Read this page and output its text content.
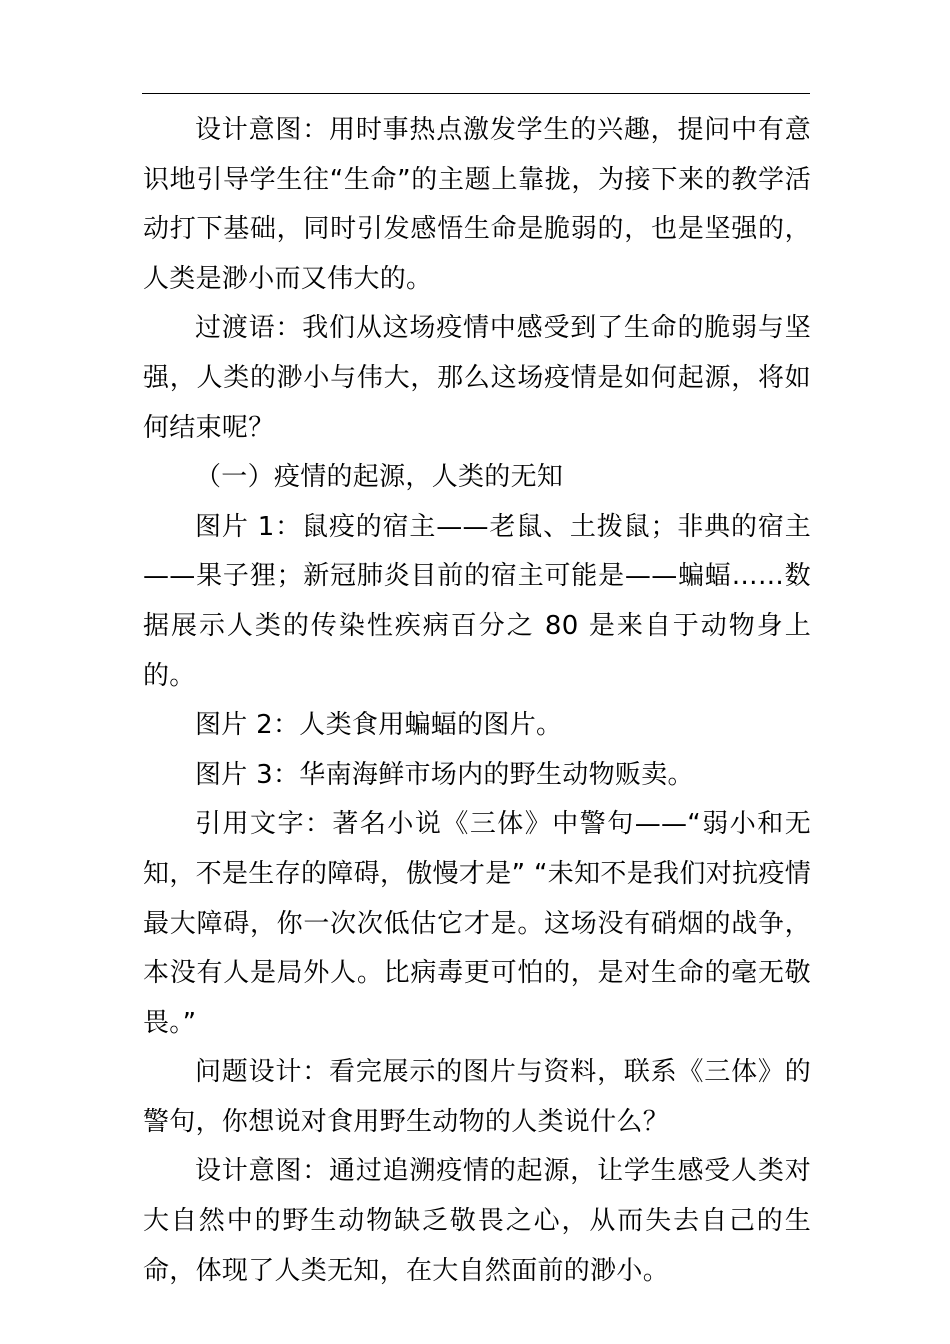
设计意图：用时事热点激发学生的兴趣，提问中有意识地引导学生往“生命”的主题上靠拢，为接下来的教学活动打下基础，同时引发感悟生命是脆弱的，也是坚强的，人类是渺小而又伟大的。

过渡语：我们从这场疫情中感受到了生命的脆弱与坚强，人类的渺小与伟大，那么这场疫情是如何起源，将如何结束呢？

（一）疫情的起源，人类的无知

图片 1：鼠疫的宿主——老鼠、土拨鼠；非典的宿主——果子狸；新冠肺炎目前的宿主可能是——蝙蝠……数据展示人类的传染性疾病百分之 80 是来自于动物身上的。

图片 2：人类食用蝙蝠的图片。

图片 3：华南海鲜市场内的野生动物贩卖。

引用文字：著名小说《三体》中警句——“弱小和无知，不是生存的障碍，傲慢才是” “未知不是我们对抗疫情最大障碍，你一次次低估它才是。这场没有硝烟的战争，本没有人是局外人。比病毒更可怕的，是对生命的毫无敬畏。”

问题设计：看完展示的图片与资料，联系《三体》的警句，你想说对食用野生动物的人类说什么？

设计意图：通过追溯疫情的起源，让学生感受人类对大自然中的野生动物缺乏敬畏之心，从而失去自己的生命，体现了人类无知，在大自然面前的渺小。
